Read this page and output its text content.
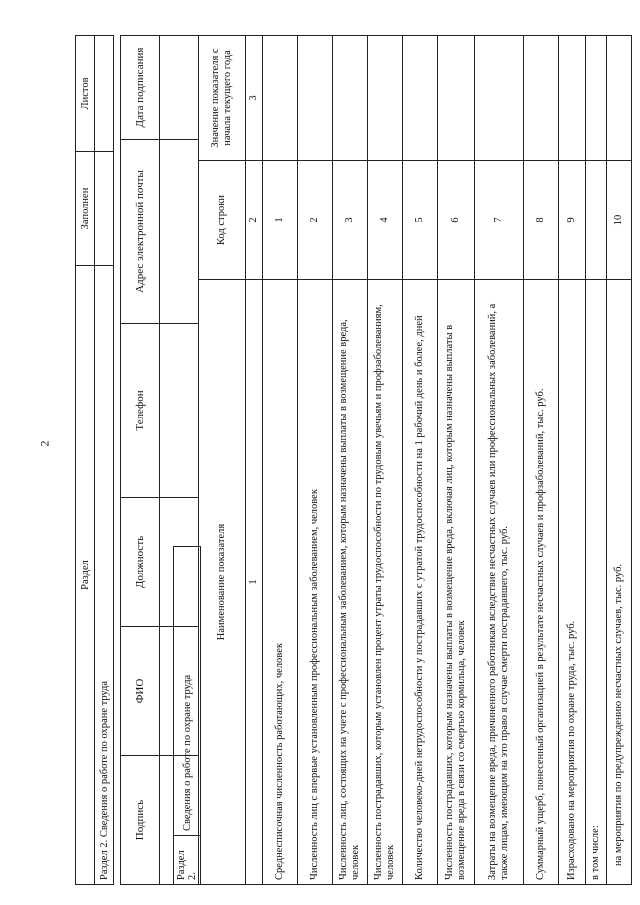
2
Раздел	Заполнен	Листов
Раздел 2. Сведения о работе по охране труда		Подпись	ФИО	Должность	Телефон	Адрес электронной почты	Дата подписания

Раздел 2.	Сведения о работе по охране труда
Наименование показателя	Код строки	Значение показателя с начала текущего года
1	2	3
Среднесписочная численность работающих, человек	1	
Численность лиц с впервые установленным профессиональным заболеванием, человек	2	
Численность лиц, состоящих на учете с профессиональным заболеванием, которым назначены выплаты в возмещение вреда, человек	3	
Численность пострадавших, которым установлен процент утраты трудоспособности по трудовым увечьям и профзаболеваниям, человек	4	
Количество человеко-дней нетрудоспособности у пострадавших с утратой трудоспособности на 1 рабочий день и более, дней	5	
Численность пострадавших, которым назначены выплаты в возмещение вреда, включая лиц, которым назначены выплаты в возмещение вреда в связи со смертью кормильца, человек	6	
Затраты на возмещение вреда, причиненного работникам вследствие несчастных случаев или профессиональных заболеваний, а также лицам, имеющим на это право в случае смерти пострадавшего, тыс. руб.	7	
Суммарный ущерб, понесенный организацией в результате несчастных случаев и профзаболеваний, тыс. руб.	8	
Израсходовано на мероприятия по охране труда, тыс. руб.	9	
в том числе:		
на мероприятия по предупреждению несчастных случаев, тыс. руб.	10	
